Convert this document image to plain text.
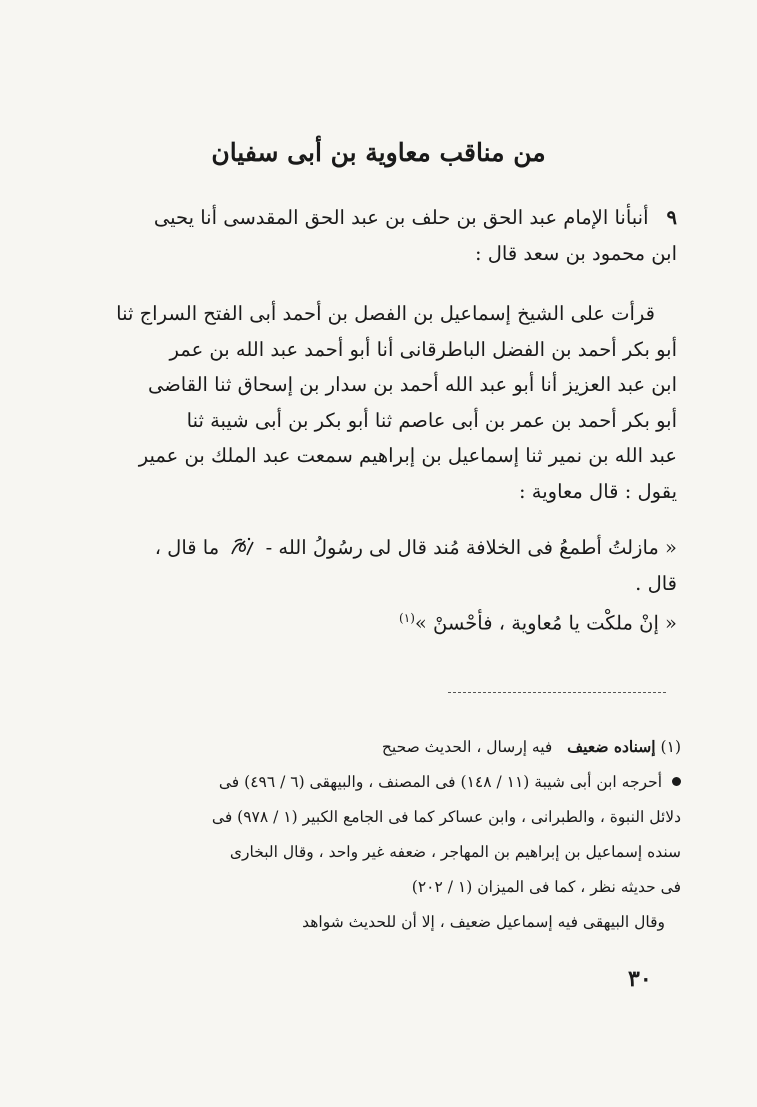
من مناقب معاوية بن أبى سفيان

٩أنبأنا الإمام عبد الحق بن حلف بن عبد الحق المقدسى أنا يحيى

ابن محمود بن سعد قال :

قرأت على الشيخ إسماعيل بن الفصل بن أحمد أبى الفتح السراج ثنا

أبو بكر أحمد بن الفضل الباطرقانى أنا أبو أحمد عبد الله بن عمر

ابن عبد العزيز أنا أبو عبد الله أحمد بن سدار بن إسحاق ثنا القاضى

أبو بكر أحمد بن عمر بن أبى عاصم ثنا أبو بكر بن أبى شيبة ثنا

عبد الله بن نمير ثنا إسماعيل بن إبراهيم سمعت عبد الملك بن عمير

يقول : قال معاوية :

« مازلتُ أطمعُ فى الخلافة مُند قال لى رسُولُ الله -  ما قال ،

قال .

« إنْ ملكْت يا مُعاوية ، فأحْسنْ »$^{(١)}$

(١) إسناده ضعيف   فيه إرسال ، الحديث صحيح

أحرجه ابن أبى شيبة (١١ / ١٤٨) فى المصنف ، والبيهقى (٦ / ٤٩٦) فى

دلائل النبوة ، والطبرانى ، وابن عساكر كما فى الجامع الكبير (١ / ٩٧٨) فى

سنده إسماعيل بن إبراهيم بن المهاجر ، ضعفه غير واحد ، وقال البخارى

فى حديثه نظر ، كما فى الميزان (١ / ٢٠٢)

وقال البيهقى فيه إسماعيل ضعيف ، إلا أن للحديث شواهد

٣٠
